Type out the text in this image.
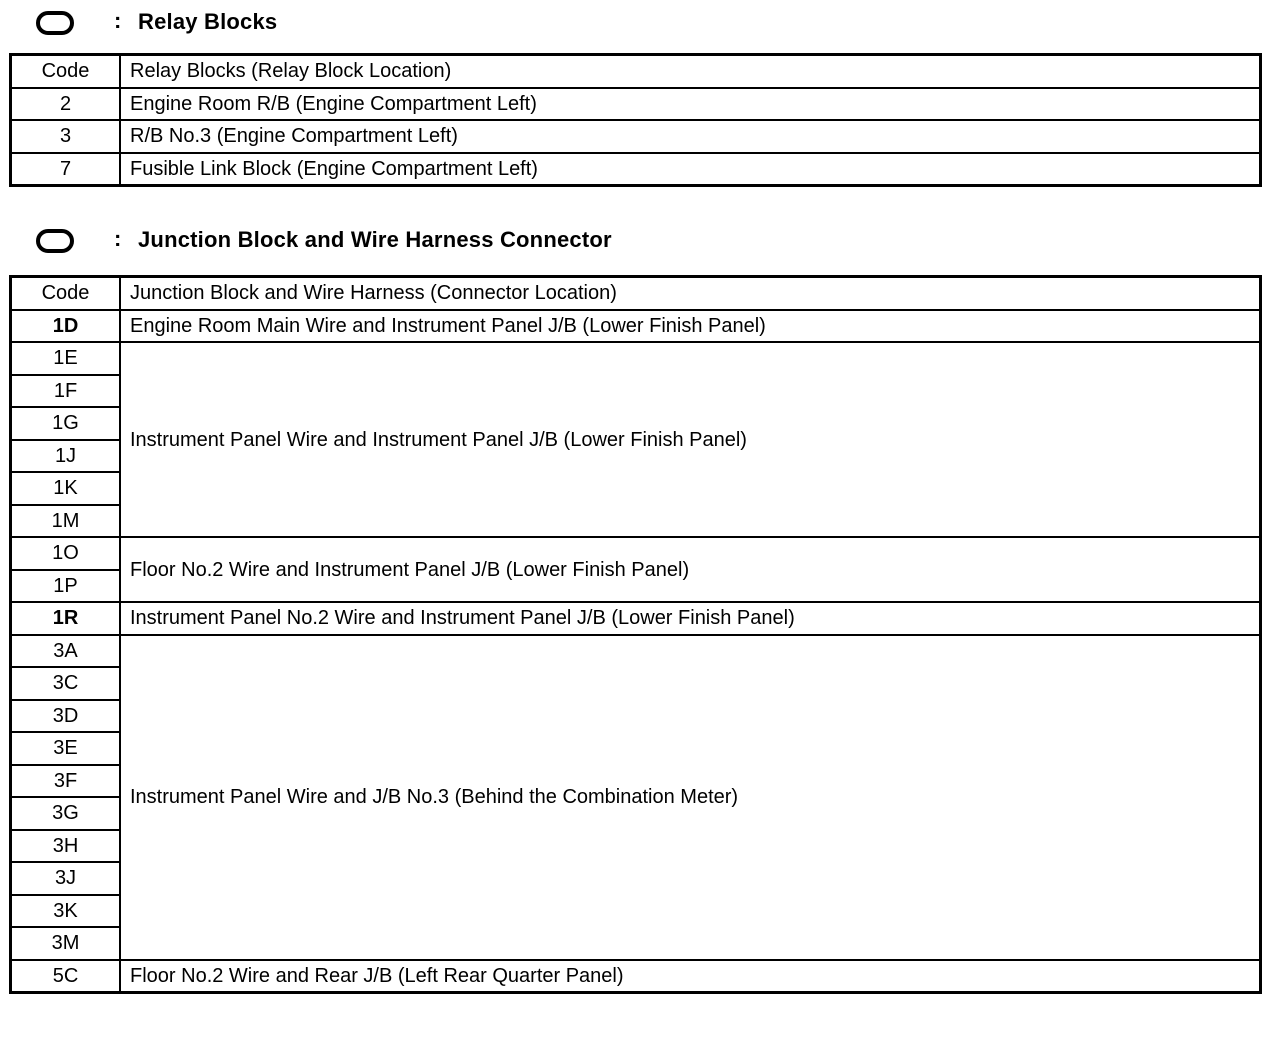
: Relay Blocks
Code	Relay Blocks (Relay Block Location)
2	Engine Room R/B (Engine Compartment Left)
3	R/B No.3 (Engine Compartment Left)
7	Fusible Link Block (Engine Compartment Left)
: Junction Block and Wire Harness Connector
Code	Junction Block and Wire Harness (Connector Location)
1D	Engine Room Main Wire and Instrument Panel J/B (Lower Finish Panel)
1E	Instrument Panel Wire and Instrument Panel J/B (Lower Finish Panel)
1F	
1G	
1J	
1K	
1M	
1O	Floor No.2 Wire and Instrument Panel J/B (Lower Finish Panel)
1P	
1R	Instrument Panel No.2 Wire and Instrument Panel J/B (Lower Finish Panel)
3A	Instrument Panel Wire and J/B No.3 (Behind the Combination Meter)
3C	
3D	
3E	
3F	
3G	
3H	
3J	
3K	
3M	
5C	Floor No.2 Wire and Rear J/B (Left Rear Quarter Panel)
